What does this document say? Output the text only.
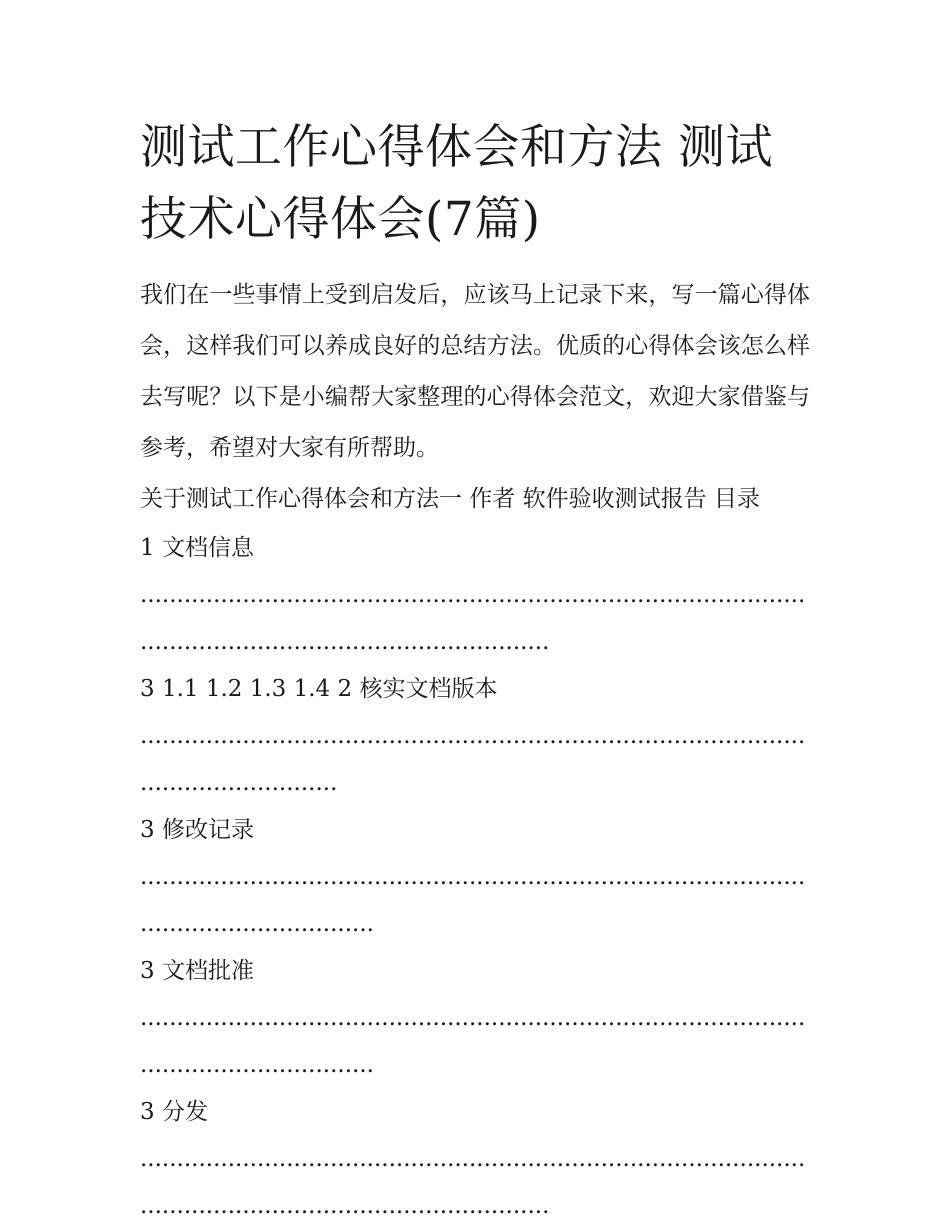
测试工作心得体会和方法 测试技术心得体会(7篇)

我们在一些事情上受到启发后，应该马上记录下来，写一篇心得体会，这样我们可以养成良好的总结方法。优质的心得体会该怎么样去写呢？以下是小编帮大家整理的心得体会范文，欢迎大家借鉴与参考，希望对大家有所帮助。

关于测试工作心得体会和方法一 作者 软件验收测试报告 目录

1 文档信息
...................................................................................................................................................
3 1.1 1.2 1.3 1.4 2 核实文档版本
......................................................................................................................
3 修改记录
...........................................................................................................................
3 文档批准
...........................................................................................................................
3 分发
...................................................................................................................................................
